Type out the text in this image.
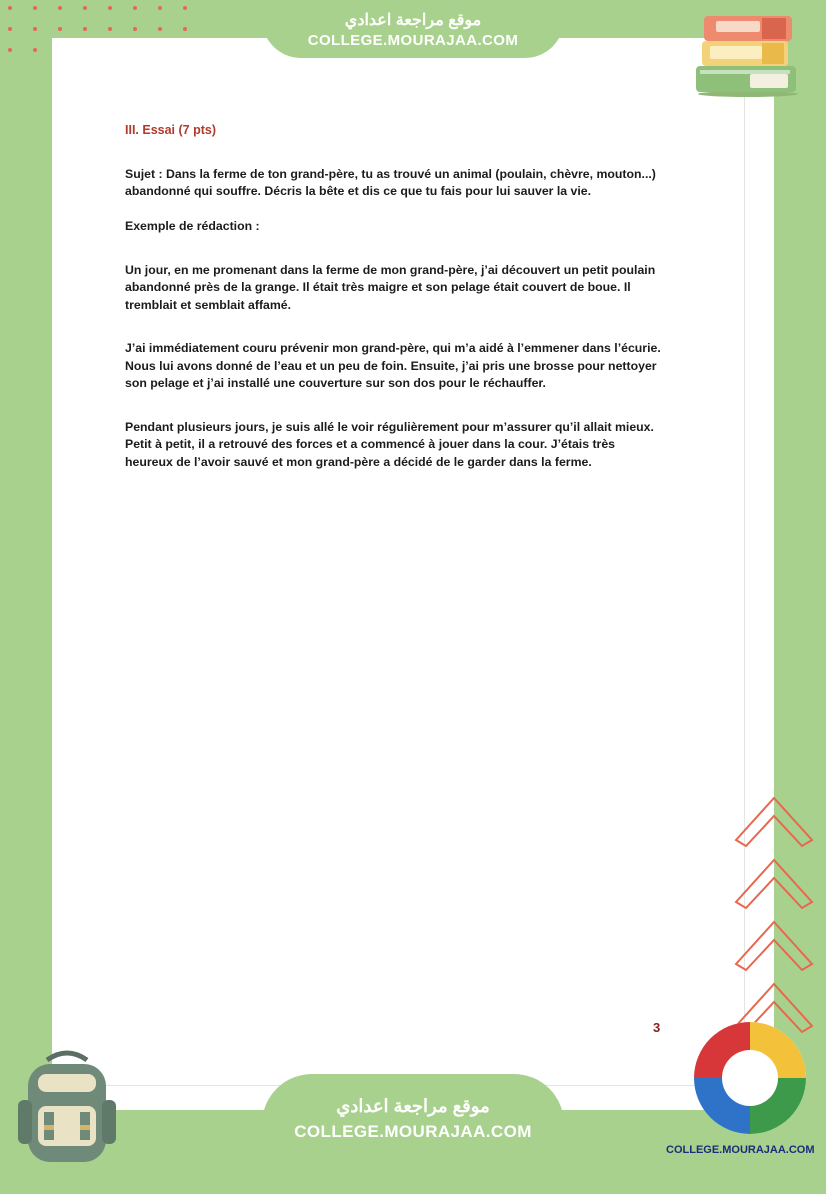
موقع مراجعة اعدادي
COLLEGE.MOURAJAA.COM
III. Essai (7 pts)

Sujet : Dans la ferme de ton grand-père, tu as trouvé un animal (poulain, chèvre, mouton...) abandonné qui souffre. Décris la bête et dis ce que tu fais pour lui sauver la vie.

Exemple de rédaction :

Un jour, en me promenant dans la ferme de mon grand-père, j’ai découvert un petit poulain abandonné près de la grange. Il était très maigre et son pelage était couvert de boue. Il tremblait et semblait affamé.

J’ai immédiatement couru prévenir mon grand-père, qui m’a aidé à l’emmener dans l’écurie. Nous lui avons donné de l’eau et un peu de foin. Ensuite, j’ai pris une brosse pour nettoyer son pelage et j’ai installé une couverture sur son dos pour le réchauffer.

Pendant plusieurs jours, je suis allé le voir régulièrement pour m’assurer qu’il allait mieux. Petit à petit, il a retrouvé des forces et a commencé à jouer dans la cour. J’étais très heureux de l’avoir sauvé et mon grand-père a décidé de le garder dans la ferme.

3
موقع مراجعة اعدادي
COLLEGE.MOURAJAA.COM
COLLEGE.MOURAJAA.COM
